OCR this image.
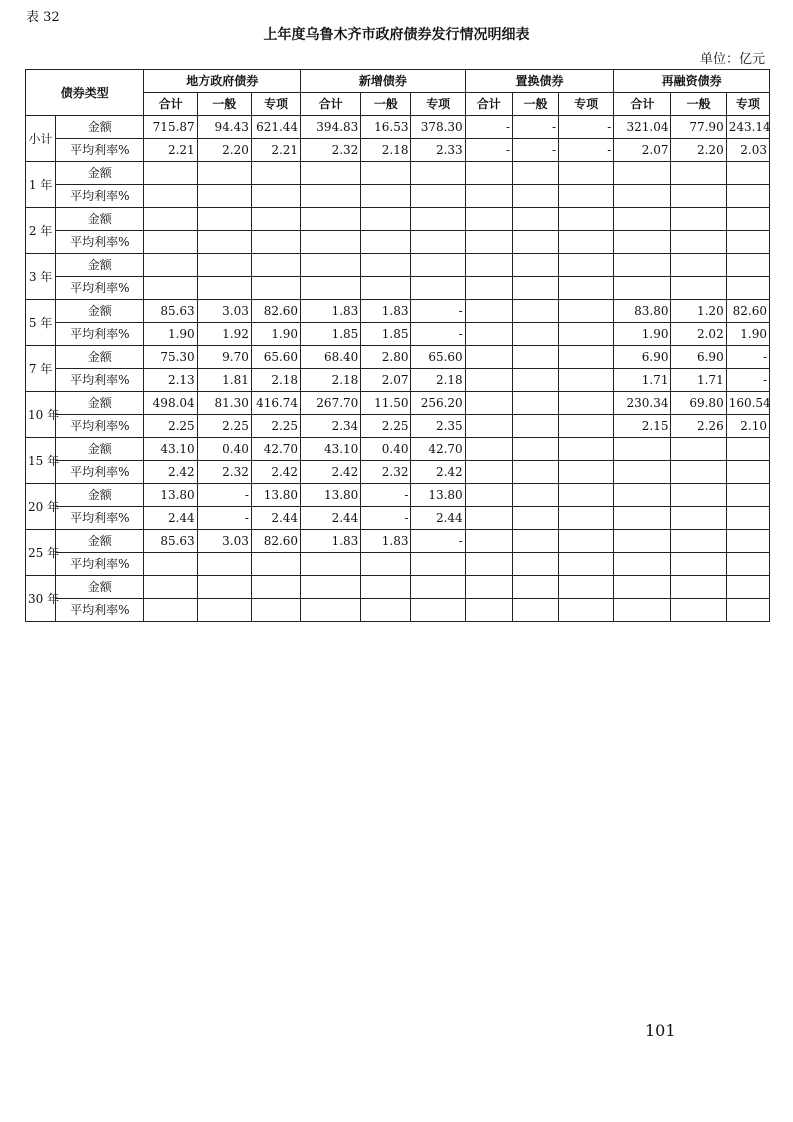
表 32
上年度乌鲁木齐市政府债券发行情况明细表
单位：亿元
债券类型		地方政府债券			新增债券			置换债券			再融资债券		
		合计	一般	专项	合计	一般	专项	合计	一般	专项	合计	一般	专项
小计	金额	715.87	94.43	621.44	394.83	16.53	378.30	-	-	-	321.04	77.90	243.14
	平均利率%	2.21	2.20	2.21	2.32	2.18	2.33	-	-	-	2.07	2.20	2.03
1 年	金额												
	平均利率%												
2 年	金额												
	平均利率%												
3 年	金额												
	平均利率%												
5 年	金额	85.63	3.03	82.60	1.83	1.83	-				83.80	1.20	82.60
	平均利率%	1.90	1.92	1.90	1.85	1.85	-				1.90	2.02	1.90
7 年	金额	75.30	9.70	65.60	68.40	2.80	65.60				6.90	6.90	-
	平均利率%	2.13	1.81	2.18	2.18	2.07	2.18				1.71	1.71	-
10 年	金额	498.04	81.30	416.74	267.70	11.50	256.20				230.34	69.80	160.54
	平均利率%	2.25	2.25	2.25	2.34	2.25	2.35				2.15	2.26	2.10
15 年	金额	43.10	0.40	42.70	43.10	0.40	42.70						
	平均利率%	2.42	2.32	2.42	2.42	2.32	2.42						
20 年	金额	13.80	-	13.80	13.80	-	13.80						
	平均利率%	2.44	-	2.44	2.44	-	2.44						
25 年	金额	85.63	3.03	82.60	1.83	1.83	-						
	平均利率%												
30 年	金额												
	平均利率%												
101
